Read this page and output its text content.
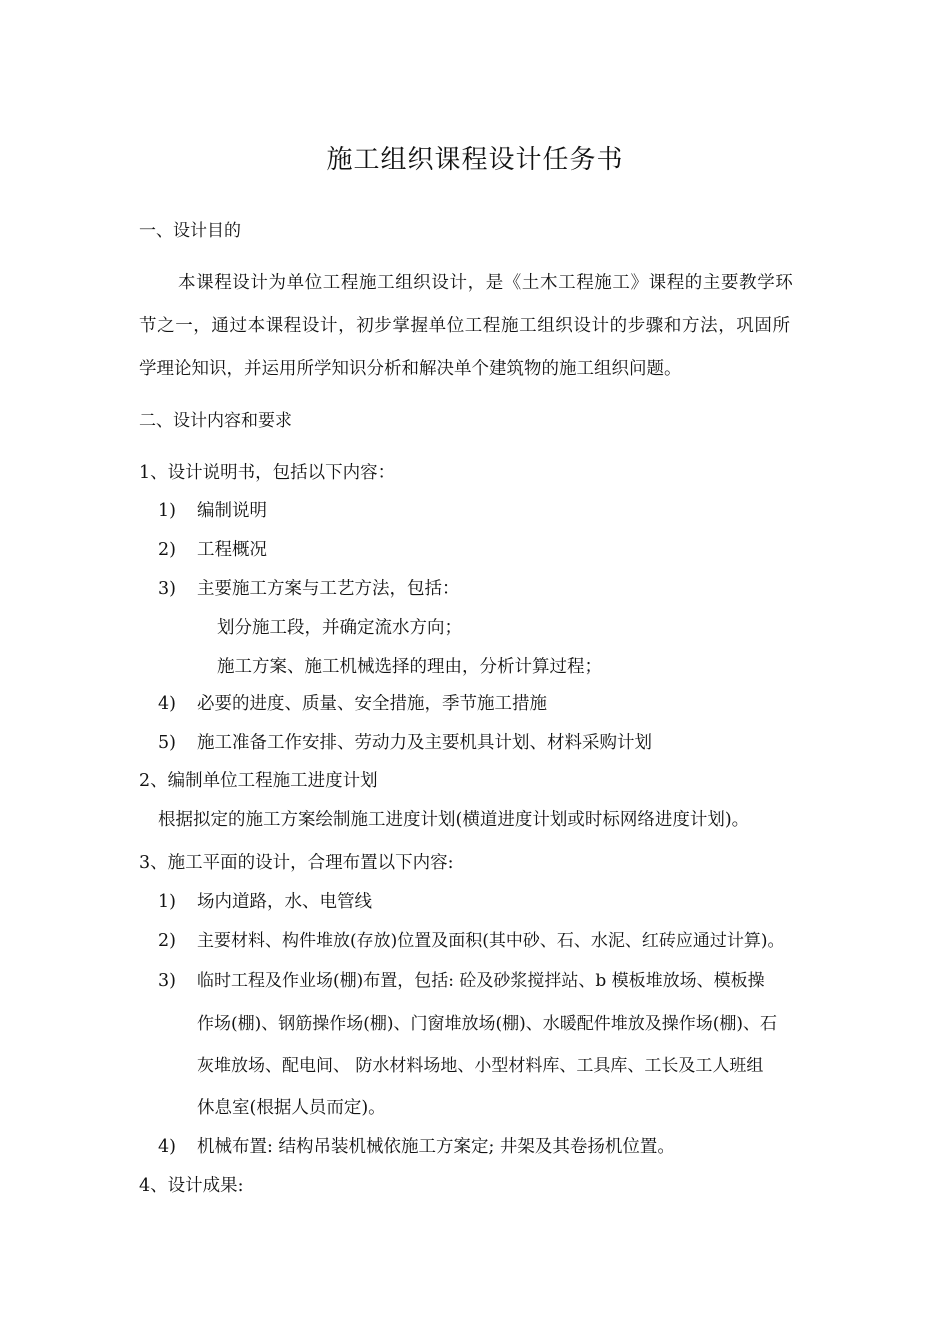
施工组织课程设计任务书
一、设计目的
本课程设计为单位工程施工组织设计，是《土木工程施工》课程的主要教学环
节之一，通过本课程设计，初步掌握单位工程施工组织设计的步骤和方法，巩固所
学理论知识，并运用所学知识分析和解决单个建筑物的施工组织问题。
二、设计内容和要求
1、设计说明书，包括以下内容：
1) 编制说明
2) 工程概况
3) 主要施工方案与工艺方法，包括：
划分施工段，并确定流水方向；
施工方案、施工机械选择的理由，分析计算过程；
4) 必要的进度、质量、安全措施，季节施工措施
5) 施工准备工作安排、劳动力及主要机具计划、材料采购计划
2、编制单位工程施工进度计划
根据拟定的施工方案绘制施工进度计划(横道进度计划或时标网络进度计划)。
3、施工平面的设计，合理布置以下内容:
1) 场内道路，水、电管线
2) 主要材料、构件堆放(存放)位置及面积(其中砂、石、水泥、红砖应通过计算)。
3) 临时工程及作业场(棚)布置，包括: 砼及砂浆搅拌站、b 模板堆放场、模板操
作场(棚)、钢筋操作场(棚)、门窗堆放场(棚)、水暖配件堆放及操作场(棚)、石
灰堆放场、配电间、 防水材料场地、小型材料库、工具库、工长及工人班组
休息室(根据人员而定)。
4) 机械布置: 结构吊装机械依施工方案定; 井架及其卷扬机位置。
4、设计成果:
